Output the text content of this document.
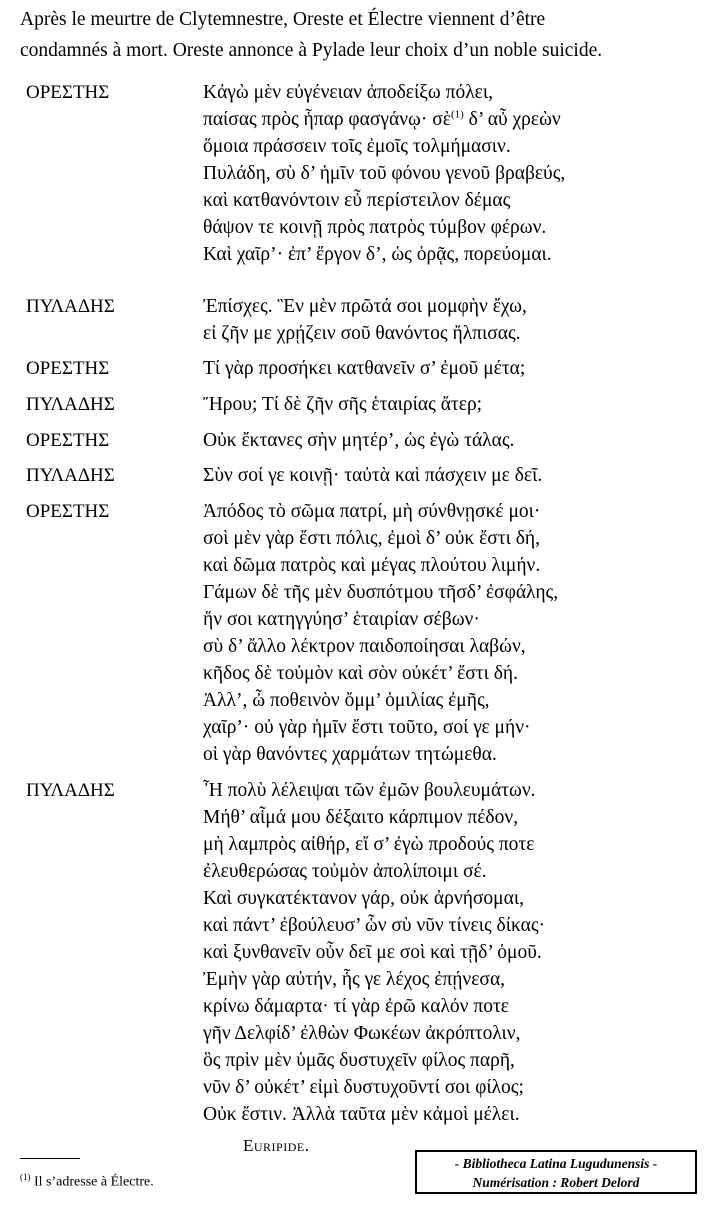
Après le meurtre de Clytemnestre, Oreste et Électre viennent d’être
condamnés à mort. Oreste annonce à Pylade leur choix d’un noble suicide.
ΟΡΕΣΤΗΣ	Κἀγὼ μὲν εὐγένειαν ἀποδείξω πόλει,
παίσας πρὸς ἧπαρ φασγάνῳ· σὲ$^{(1)}$ δ’ αὖ χρεὼν
ὅμοια πράσσειν τοῖς ἐμοῖς τολμήμασιν.
Πυλάδη, σὺ δ’ ἡμῖν τοῦ φόνου γενοῦ βραβεύς,
καὶ κατθανόντοιν εὖ περίστειλον δέμας
θάψον τε κοινῇ πρὸς πατρὸς τύμβον φέρων.
Καὶ χαῖρ’· ἐπ’ ἔργον δ’, ὡς ὁρᾷς, πορεύομαι.
ΠΥΛΑΔΗΣ	Ἐπίσχες. Ἓν μὲν πρῶτά σοι μομφὴν ἔχω,
εἰ ζῆν με χρῄζειν σοῦ θανόντος ἤλπισας.
ΟΡΕΣΤΗΣ	Τί γὰρ προσήκει κατθανεῖν σ’ ἐμοῦ μέτα;
ΠΥΛΑΔΗΣ	Ἤρου; Τί δὲ ζῆν σῆς ἑταιρίας ἄτερ;
ΟΡΕΣΤΗΣ	Οὐκ ἔκτανες σὴν μητέρ’, ὡς ἐγὼ τάλας.
ΠΥΛΑΔΗΣ	Σὺν σοί γε κοινῇ· ταὐτὰ καὶ πάσχειν με δεῖ.
ΟΡΕΣΤΗΣ	Ἀπόδος τὸ σῶμα πατρί, μὴ σύνθνῃσκέ μοι·
σοὶ μὲν γὰρ ἔστι πόλις, ἐμοὶ δ’ οὐκ ἔστι δή,
καὶ δῶμα πατρὸς καὶ μέγας πλούτου λιμήν.
Γάμων δὲ τῆς μὲν δυσπότμου τῆσδ’ ἐσφάλης,
ἥν σοι κατηγγύησ’ ἑταιρίαν σέβων·
σὺ δ’ ἄλλο λέκτρον παιδοποίησαι λαβών,
κῆδος δὲ τοὐμὸν καὶ σὸν οὐκέτ’ ἔστι δή.
Ἀλλ’, ὦ ποθεινὸν ὄμμ’ ὁμιλίας ἐμῆς,
χαῖρ’· οὐ γὰρ ἡμῖν ἔστι τοῦτο, σοί γε μήν·
οἱ γὰρ θανόντες χαρμάτων τητώμεθα.
ΠΥΛΑΔΗΣ	Ἦ πολὺ λέλειψαι τῶν ἐμῶν βουλευμάτων.
Μήθ’ αἷμά μου δέξαιτο κάρπιμον πέδον,
μὴ λαμπρὸς αἰθήρ, εἴ σ’ ἐγὼ προδούς ποτε
ἐλευθερώσας τοὐμὸν ἀπολίποιμι σέ.
Καὶ συγκατέκτανον γάρ, οὐκ ἀρνήσομαι,
καὶ πάντ’ ἐβούλευσ’ ὧν σὺ νῦν τίνεις δίκας·
καὶ ξυνθανεῖν οὖν δεῖ με σοὶ καὶ τῇδ’ ὁμοῦ.
Ἐμὴν γὰρ αὐτήν, ἧς γε λέχος ἐπῄνεσα,
κρίνω δάμαρτα· τί γὰρ ἐρῶ καλόν ποτε
γῆν Δελφίδ’ ἐλθὼν Φωκέων ἀκρόπτολιν,
ὃς πρὶν μὲν ὑμᾶς δυστυχεῖν φίλος παρῆ,
νῦν δ’ οὐκέτ’ εἰμὶ δυστυχοῦντί σοι φίλος;
Οὐκ ἔστιν. Ἀλλὰ ταῦτα μὲν κἀμοὶ μέλει.
Euripide.
$^{(1)}$ Il s’adresse à Électre.
- Bibliotheca Latina Lugudunensis -
Numérisation : Robert Delord
